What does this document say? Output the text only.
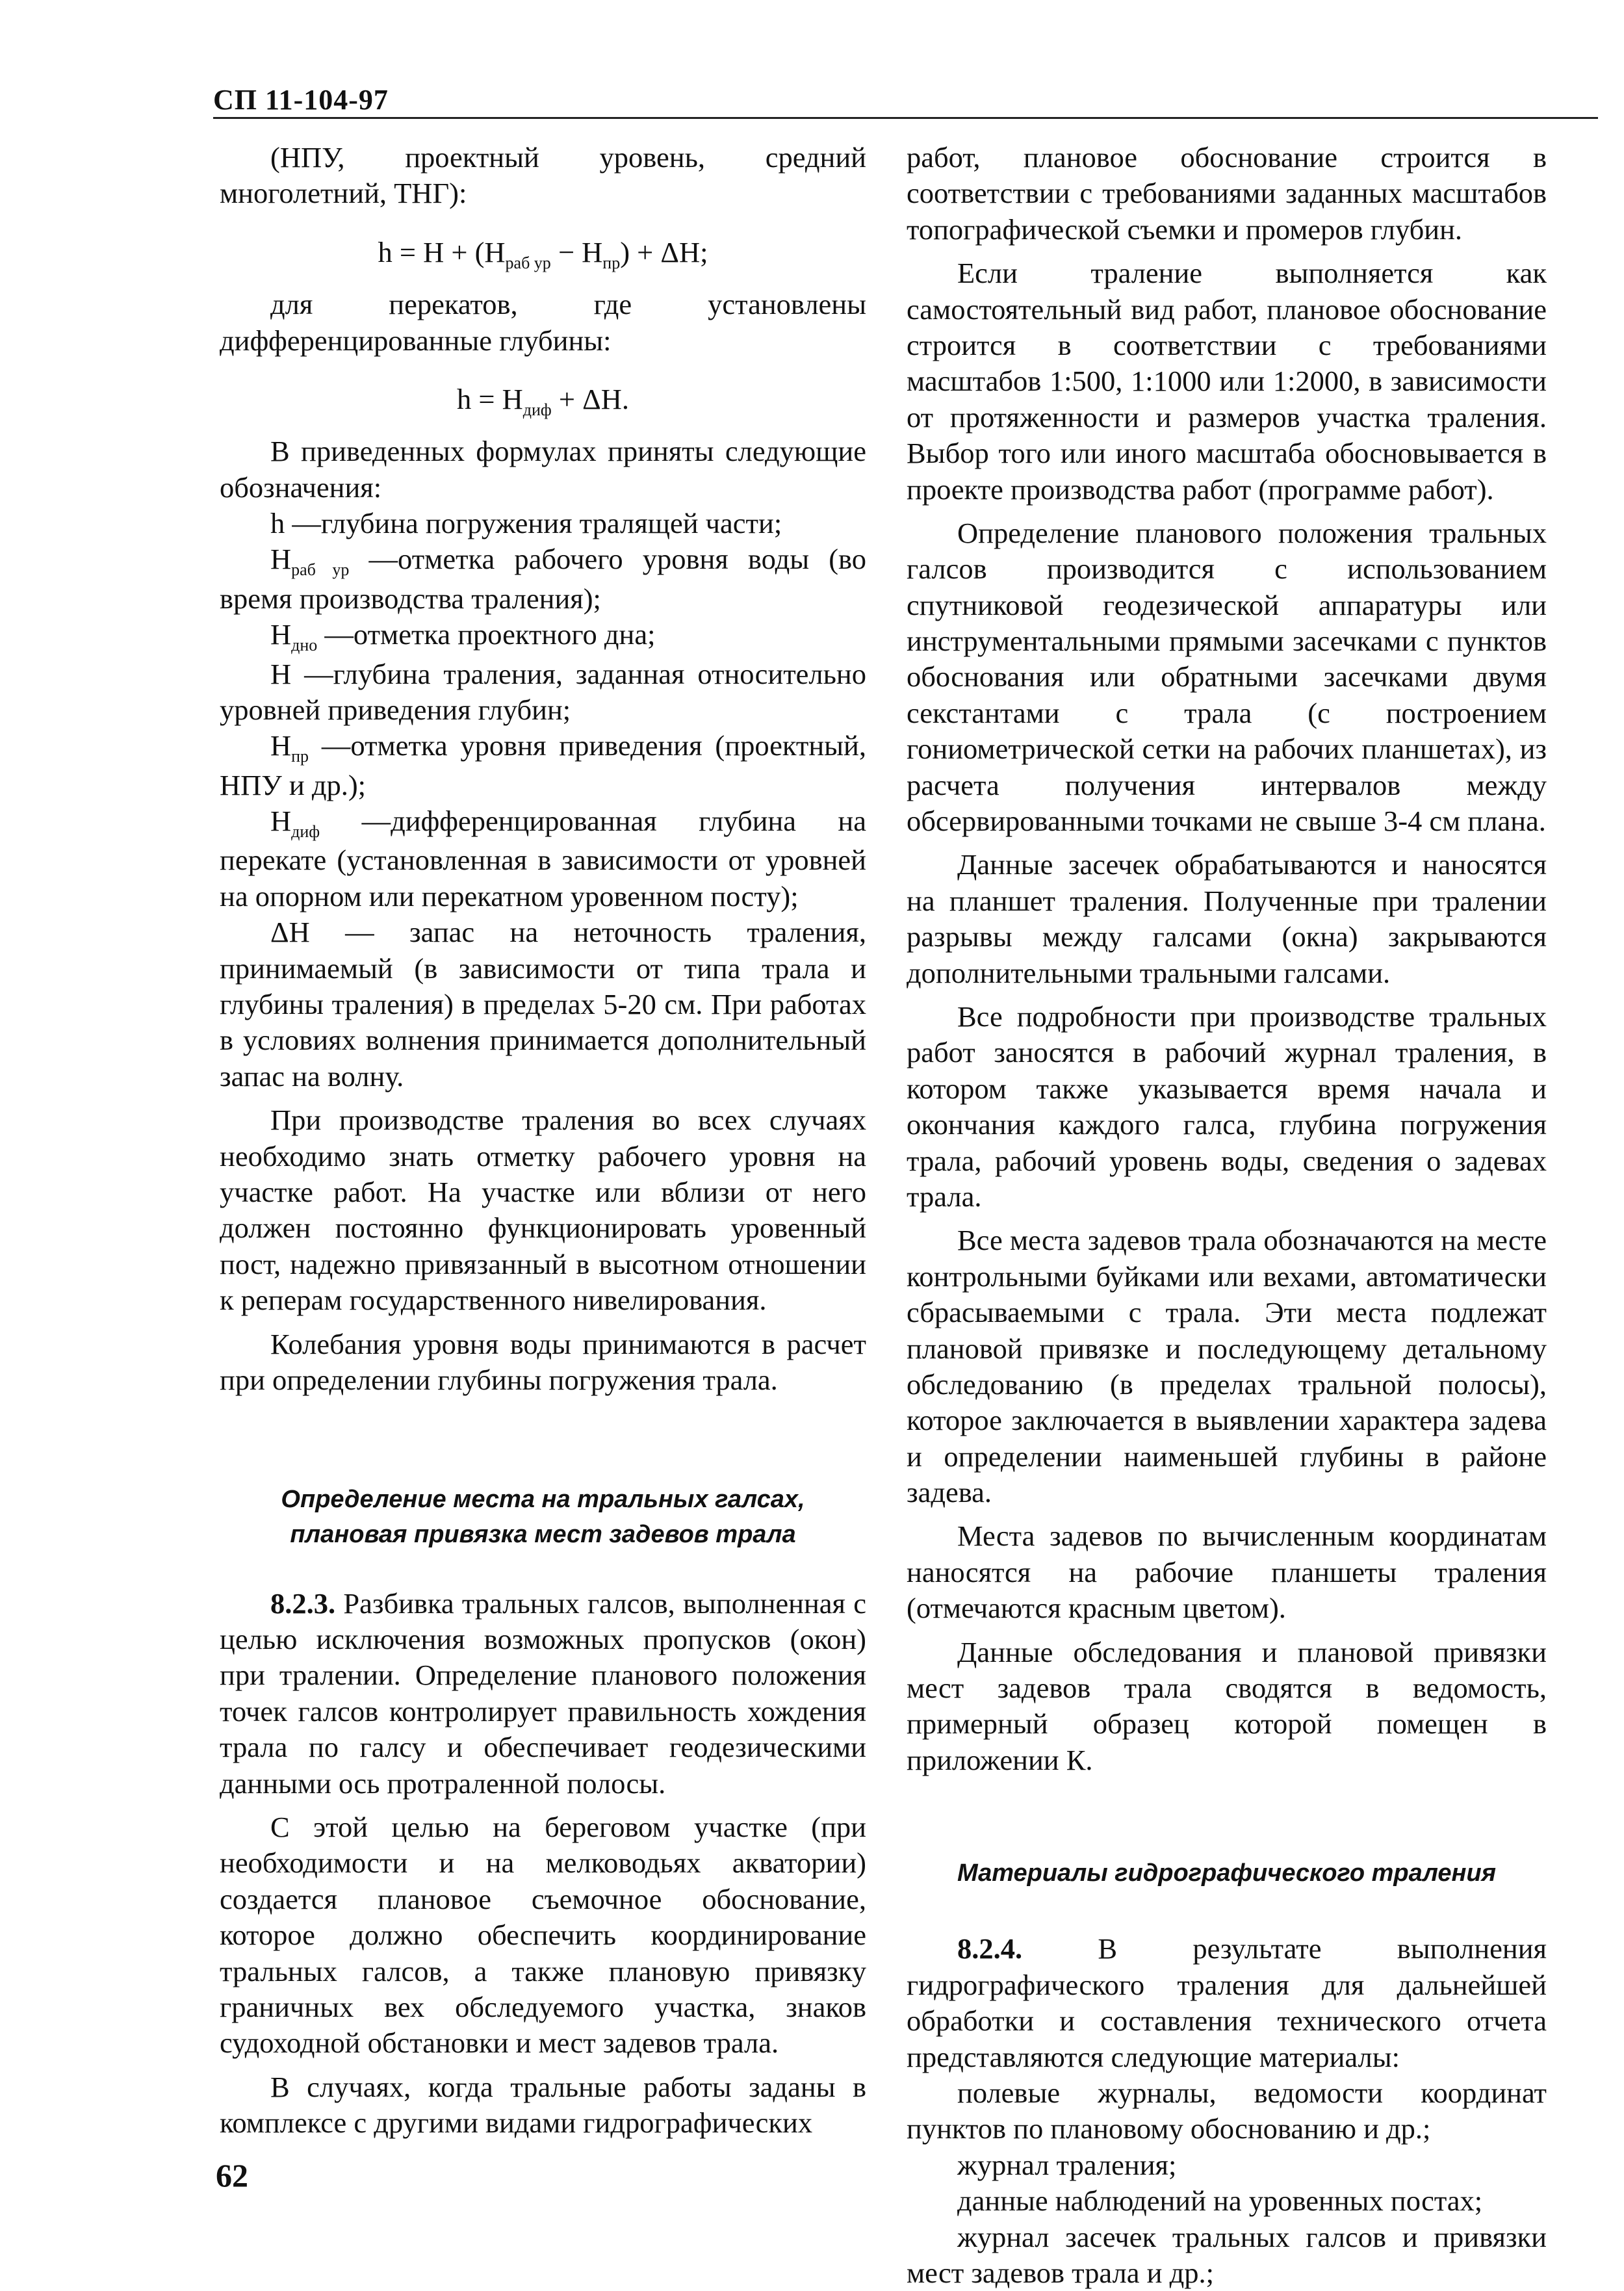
СП 11-104-97

(НПУ, проектный уровень, средний многолетний, ТНГ):

$h = H + (H_{раб ур} - H_{пр}) + \Delta H$;

для перекатов, где установлены дифференцированные глубины:

$h = H_{диф} + \Delta H$.

В приведенных формулах приняты следующие обозначения:

h —глубина погружения тралящей части;

$H_{раб ур}$ —отметка рабочего уровня воды (во время производства траления);

$H_{дно}$ —отметка проектного дна;

H —глубина траления, заданная относительно уровней приведения глубин;

$H_{пр}$ —отметка уровня приведения (проектный, НПУ и др.);

$H_{диф}$ —дифференцированная глубина на перекате (установленная в зависимости от уровней на опорном или перекатном уровенном посту);

ΔH — запас на неточность траления, принимаемый (в зависимости от типа трала и глубины траления) в пределах 5-20 см. При работах в условиях волнения принимается дополнительный запас на волну.

При производстве траления во всех случаях необходимо знать отметку рабочего уровня на участке работ. На участке или вблизи от него должен постоянно функционировать уровенный пост, надежно привязанный в высотном отношении к реперам государственного нивелирования.

Колебания уровня воды принимаются в расчет при определении глубины погружения трала.

Определение места на тральных галсах, плановая привязка мест задевов трала

8.2.3. Разбивка тральных галсов, выполненная с целью исключения возможных пропусков (окон) при тралении. Определение планового положения точек галсов контролирует правильность хождения трала по галсу и обеспечивает геодезическими данными ось протраленной полосы.

С этой целью на береговом участке (при необходимости и на мелководьях акватории) создается плановое съемочное обоснование, которое должно обеспечить координирование тральных галсов, а также плановую привязку граничных вех обследуемого участка, знаков судоходной обстановки и мест задевов трала.

В случаях, когда тральные работы заданы в комплексе с другими видами гидрографических

работ, плановое обоснование строится в соответствии с требованиями заданных масштабов топографической съемки и промеров глубин.

Если траление выполняется как самостоятельный вид работ, плановое обоснование строится в соответствии с требованиями масштабов 1:500, 1:1000 или 1:2000, в зависимости от протяженности и размеров участка траления. Выбор того или иного масштаба обосновывается в проекте производства работ (программе работ).

Определение планового положения тральных галсов производится с использованием спутниковой геодезической аппаратуры или инструментальными прямыми засечками с пунктов обоснования или обратными засечками двумя секстантами с трала (с построением гониометрической сетки на рабочих планшетах), из расчета получения интервалов между обсервированными точками не свыше 3-4 см плана.

Данные засечек обрабатываются и наносятся на планшет траления. Полученные при тралении разрывы между галсами (окна) закрываются дополнительными тральными галсами.

Все подробности при производстве тральных работ заносятся в рабочий журнал траления, в котором также указывается время начала и окончания каждого галса, глубина погружения трала, рабочий уровень воды, сведения о задевах трала.

Все места задевов трала обозначаются на месте контрольными буйками или вехами, автоматически сбрасываемыми с трала. Эти места подлежат плановой привязке и последующему детальному обследованию (в пределах тральной полосы), которое заключается в выявлении характера задева и определении наименьшей глубины в районе задева.

Места задевов по вычисленным координатам наносятся на рабочие планшеты траления (отмечаются красным цветом).

Данные обследования и плановой привязки мест задевов трала сводятся в ведомость, примерный образец которой помещен в приложении К.

Материалы гидрографического траления

8.2.4. В результате выполнения гидрографического траления для дальнейшей обработки и составления технического отчета представляются следующие материалы:

полевые журналы, ведомости координат пунктов по плановому обоснованию и др.;

журнал траления;

данные наблюдений на уровенных постах;

журнал засечек тральных галсов и привязки мест задевов трала и др.;

62
